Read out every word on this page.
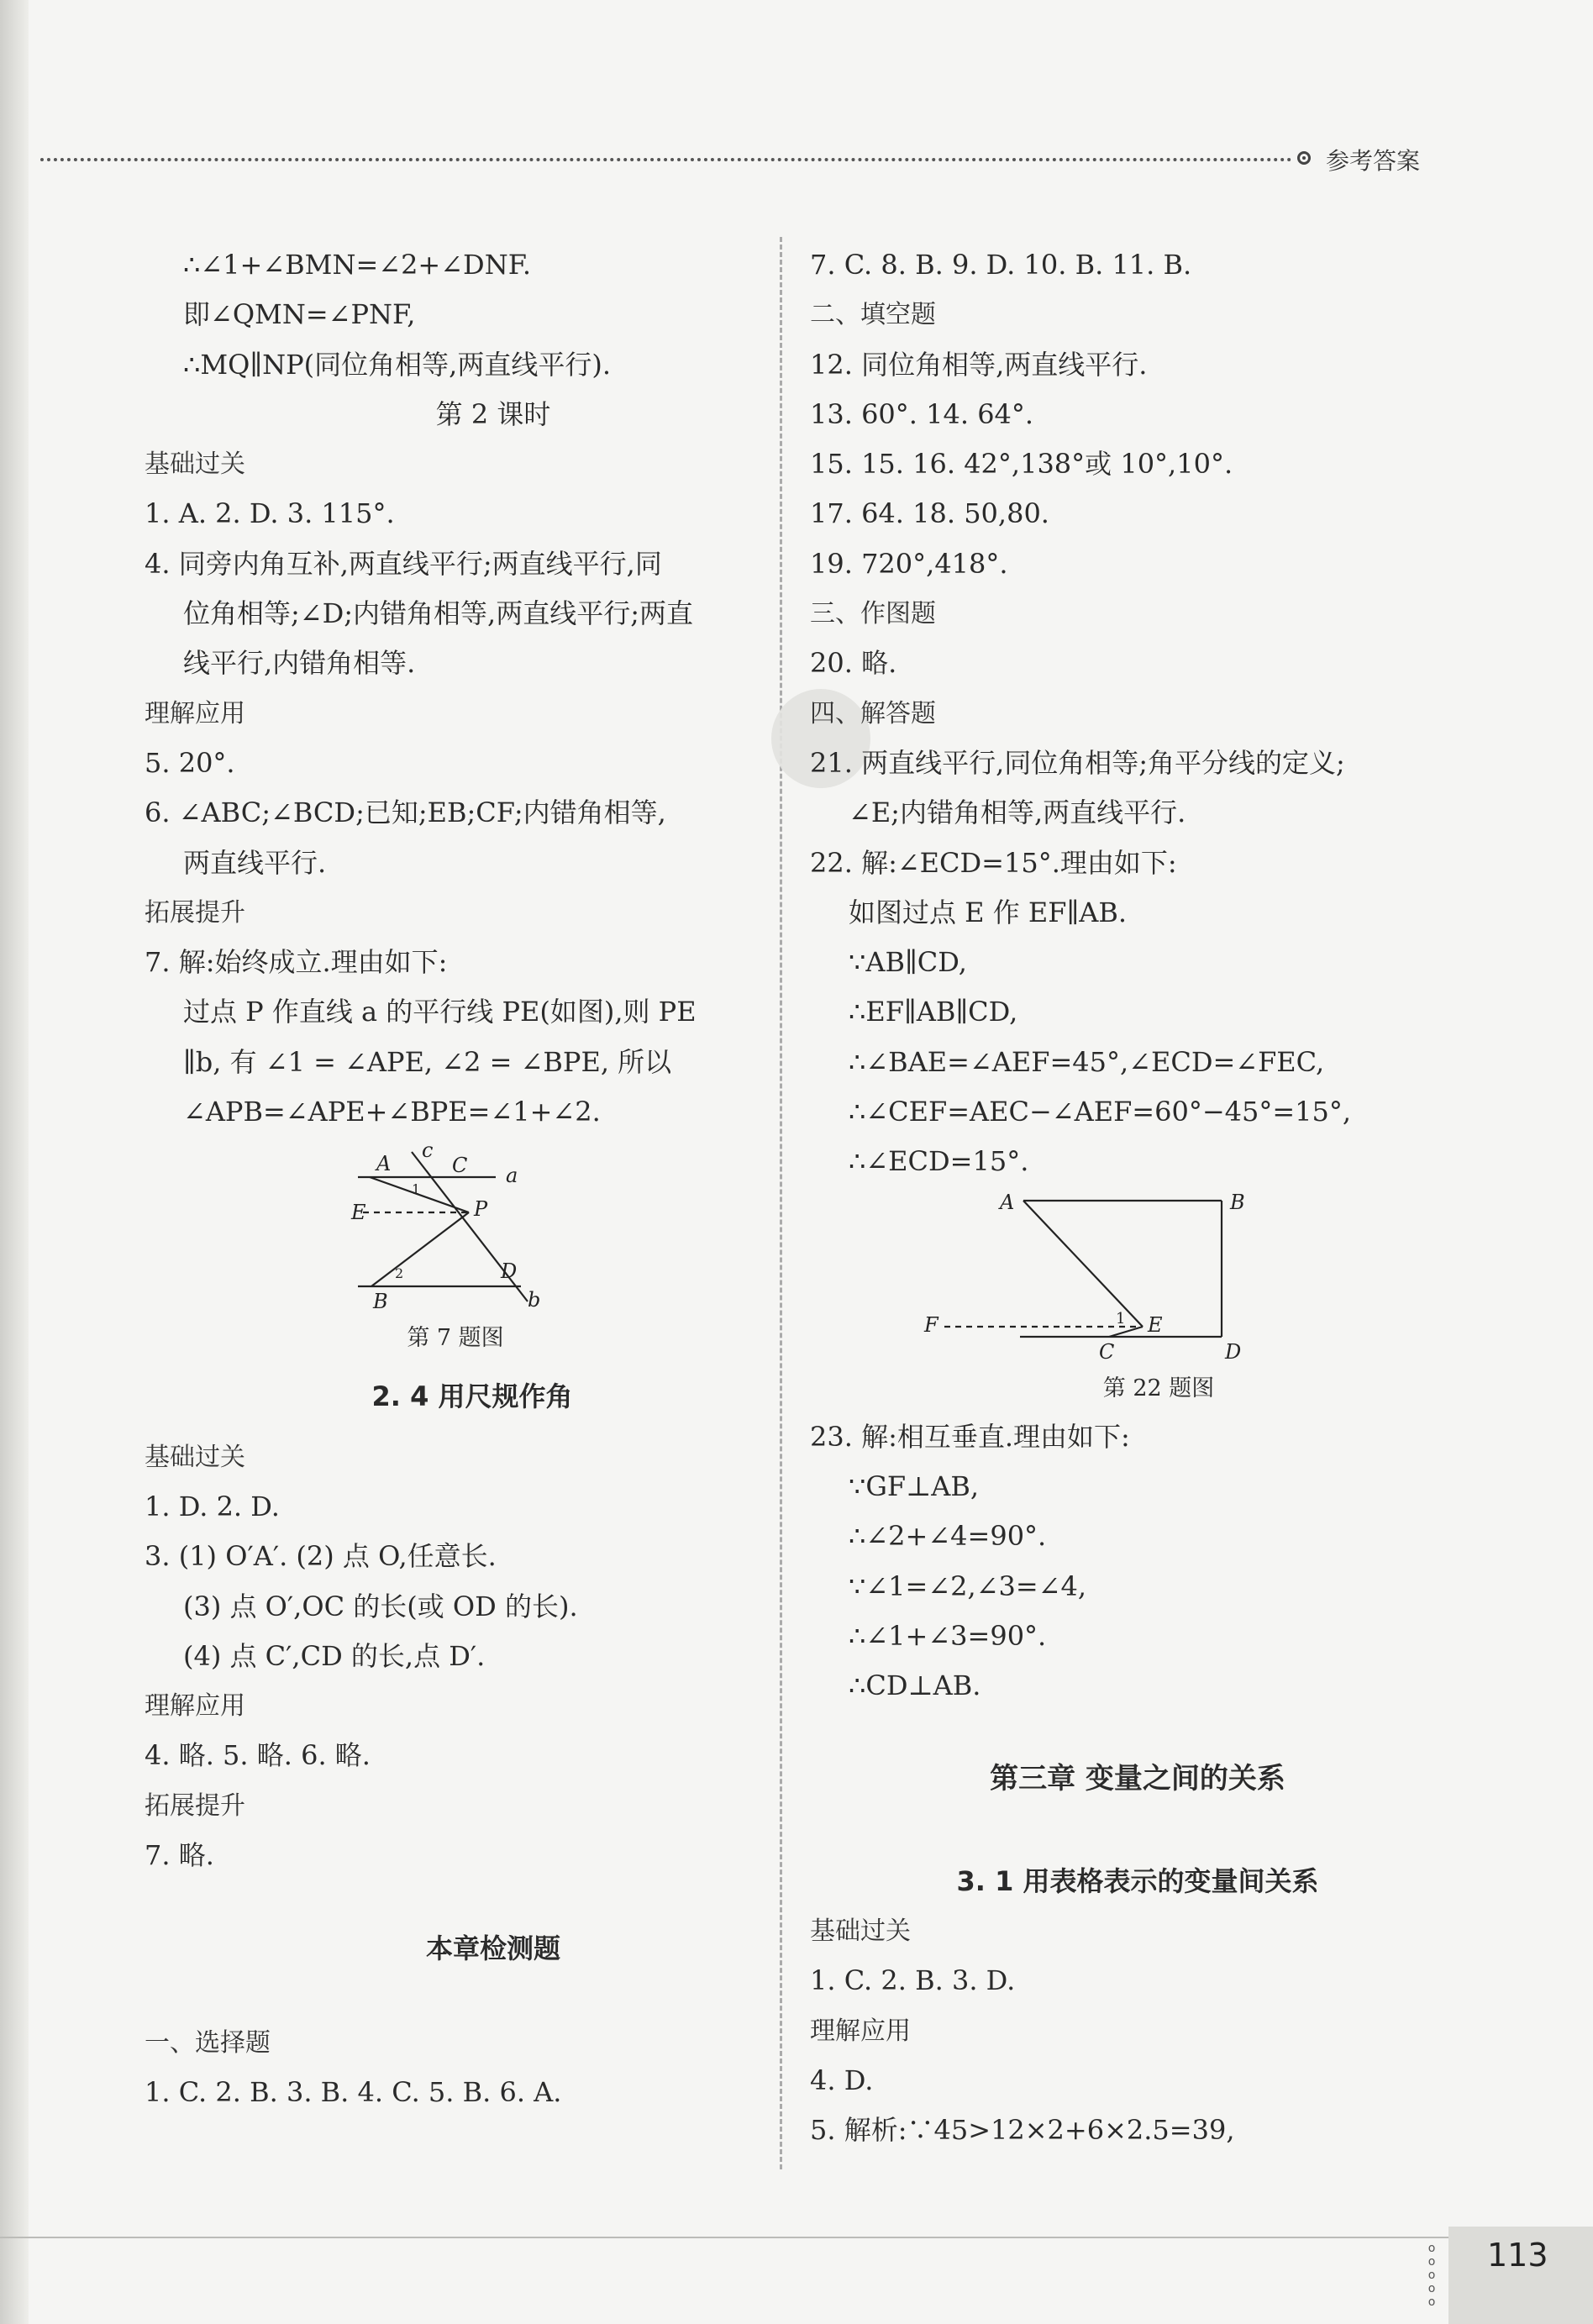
参考答案
∴∠1+∠BMN=∠2+∠DNF.
即∠QMN=∠PNF,
∴MQ∥NP(同位角相等,两直线平行).
第 2 课时
基础过关
1. A. 2. D. 3. 115°.
4. 同旁内角互补,两直线平行;两直线平行,同
位角相等;∠D;内错角相等,两直线平行;两直
线平行,内错角相等.
理解应用
5. 20°.
6. ∠ABC;∠BCD;已知;EB;CF;内错角相等,
两直线平行.
拓展提升
7. 解:始终成立.理由如下:
过点 P 作直线 a 的平行线 PE(如图),则 PE
∥b, 有 ∠1 = ∠APE, ∠2 = ∠BPE, 所以
∠APB=∠APE+∠BPE=∠1+∠2.
A	C
c
a
E	P
1
2	D
B	b
第 7 题图
2. 4 用尺规作角
基础过关
1. D. 2. D.
3. (1) O′A′. (2) 点 O,任意长.
(3) 点 O′,OC 的长(或 OD 的长).
(4) 点 C′,CD 的长,点 D′.
理解应用
4. 略. 5. 略. 6. 略.
拓展提升
7. 略.
本章检测题
一、选择题
1. C. 2. B. 3. B. 4. C. 5. B. 6. A.
7. C. 8. B. 9. D. 10. B. 11. B.
二、填空题
12. 同位角相等,两直线平行.
13. 60°. 14. 64°.
15. 15. 16. 42°,138°或 10°,10°.
17. 64. 18. 50,80.
19. 720°,418°.
三、作图题
20. 略.
四、解答题
21. 两直线平行,同位角相等;角平分线的定义;
∠E;内错角相等,两直线平行.
22. 解:∠ECD=15°.理由如下:
如图过点 E 作 EF∥AB.
∵AB∥CD,
∴EF∥AB∥CD,
∴∠BAE=∠AEF=45°,∠ECD=∠FEC,
∴∠CEF=AEC−∠AEF=60°−45°=15°,
∴∠ECD=15°.
A	B
F	1 E
C	D
第 22 题图
23. 解:相互垂直.理由如下:
∵GF⊥AB,
∴∠2+∠4=90°.
∵∠1=∠2,∠3=∠4,
∴∠1+∠3=90°.
∴CD⊥AB.
第三章 变量之间的关系
3. 1 用表格表示的变量间关系
基础过关
1. C. 2. B. 3. D.
理解应用
4. D.
5. 解析:∵45>12×2+6×2.5=39,
o
o
o
o
o
113
